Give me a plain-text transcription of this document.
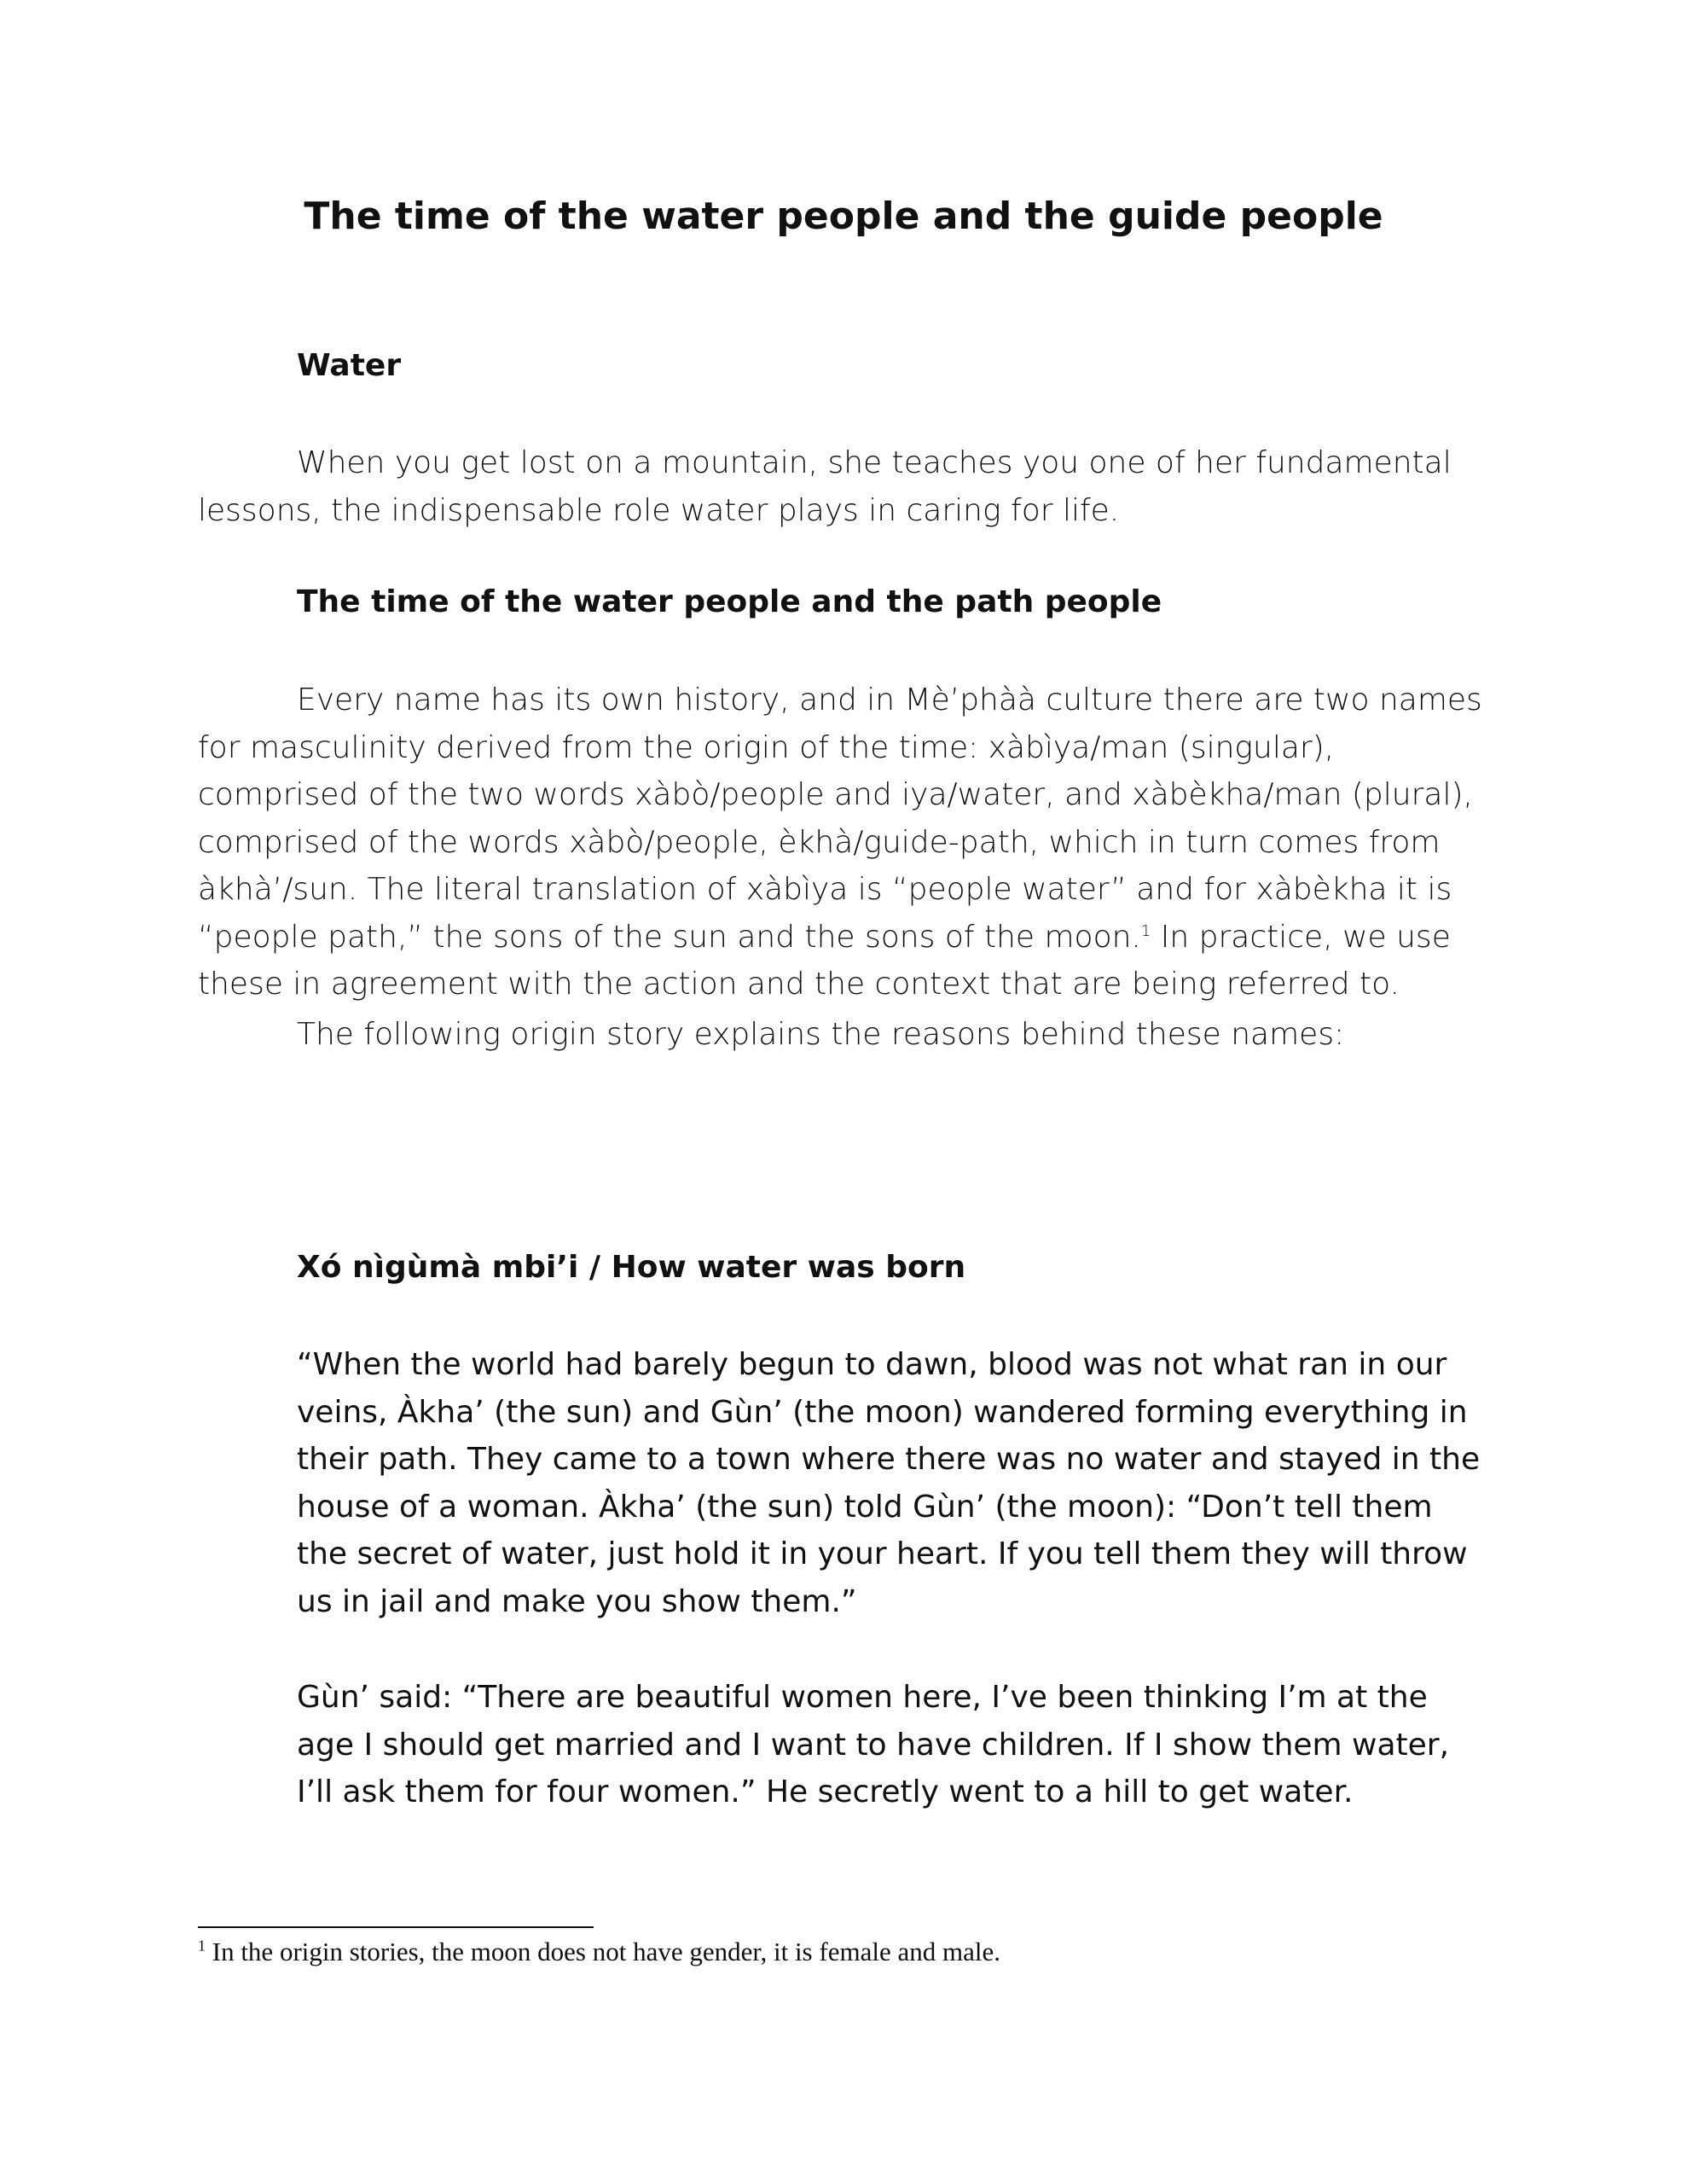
The time of the water people and the guide people
Water

When you get lost on a mountain, she teaches you one of her fundamental lessons, the indispensable role water plays in caring for life.

The time of the water people and the path people

Every name has its own history, and in Mè’phàà culture there are two names for masculinity derived from the origin of the time: xàbìya/man (singular), comprised of the two words xàbò/people and iya/water, and xàbèkha/man (plural), comprised of the words xàbò/people, èkhà/guide-path, which in turn comes from àkhà’/sun. The literal translation of xàbìya is “people water” and for xàbèkha it is “people path,” the sons of the sun and the sons of the moon.$^1$ In practice, we use these in agreement with the action and the context that are being referred to.

The following origin story explains the reasons behind these names:

Xó nìgùmà mbi’i / How water was born

“When the world had barely begun to dawn, blood was not what ran in our veins, Àkha’ (the sun) and Gùn’ (the moon) wandered forming everything in their path. They came to a town where there was no water and stayed in the house of a woman. Àkha’ (the sun) told Gùn’ (the moon): “Don’t tell them the secret of water, just hold it in your heart. If you tell them they will throw us in jail and make you show them.”

Gùn’ said: “There are beautiful women here, I’ve been thinking I’m at the age I should get married and I want to have children. If I show them water, I’ll ask them for four women.” He secretly went to a hill to get water.

$^1$ In the origin stories, the moon does not have gender, it is female and male.
